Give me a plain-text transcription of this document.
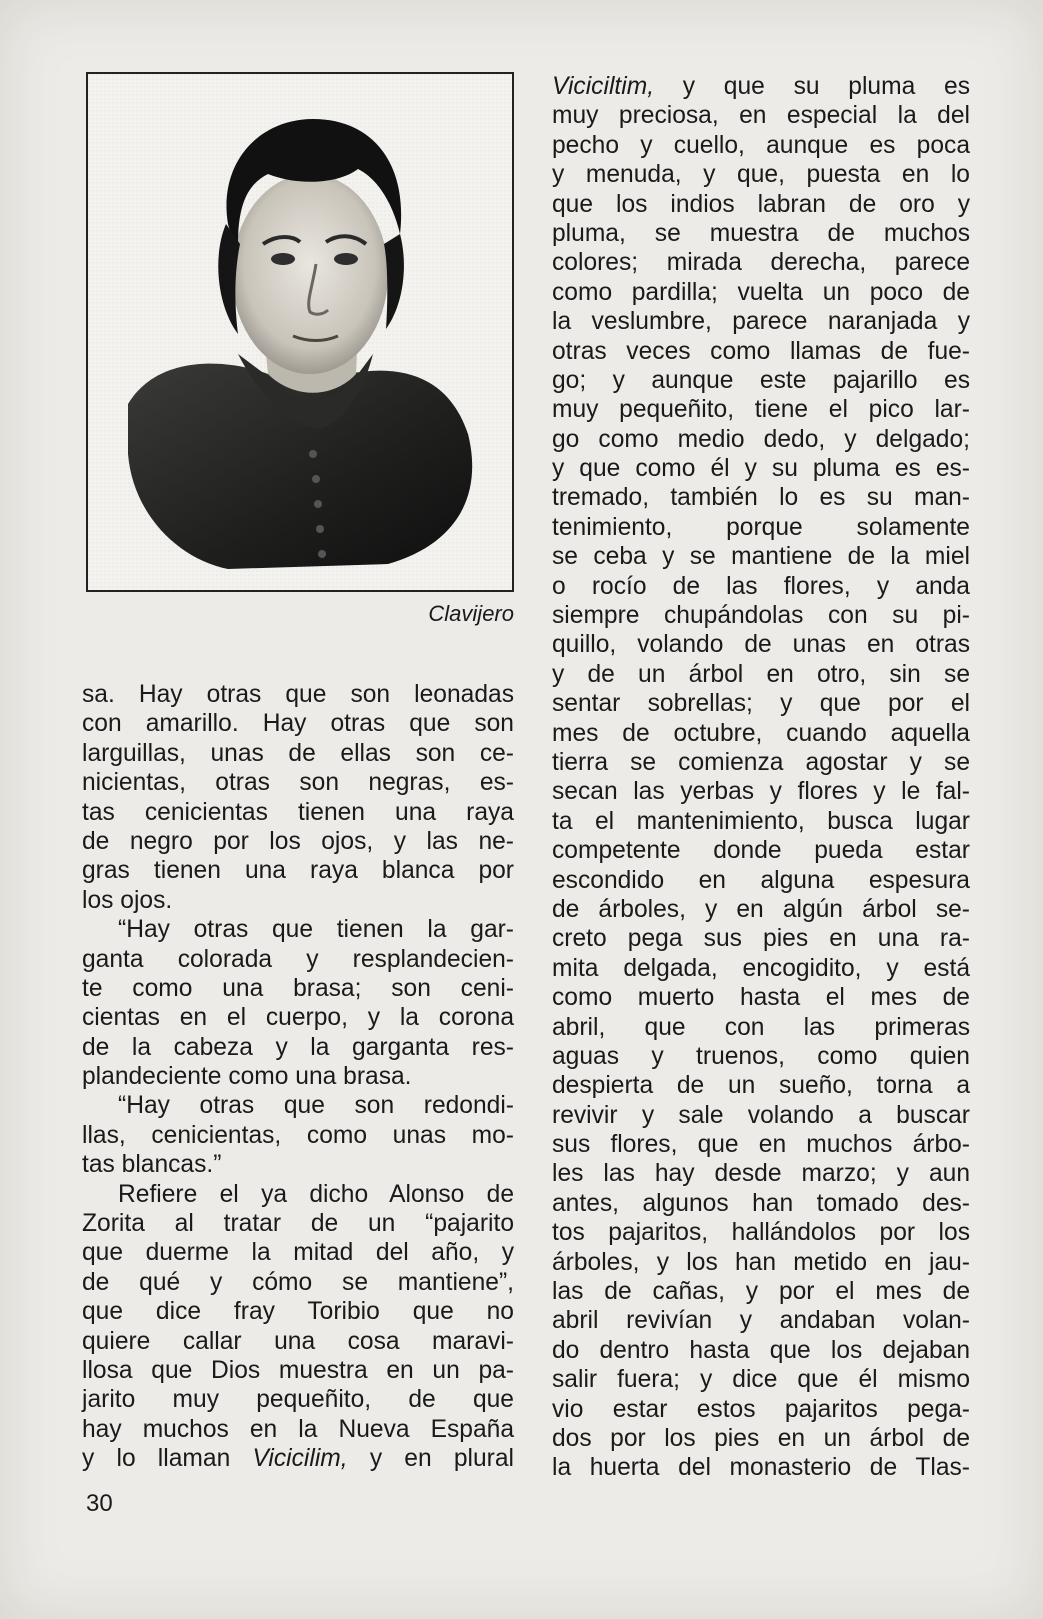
Clavijero
sa. Hay otras que son leonadas
con amarillo. Hay otras que son
larguillas, unas de ellas son ce-
nicientas, otras son negras, es-
tas cenicientas tienen una raya
de negro por los ojos, y las ne-
gras tienen una raya blanca por
los ojos.
“Hay otras que tienen la gar-
ganta colorada y resplandecien-
te como una brasa; son ceni-
cientas en el cuerpo, y la corona
de la cabeza y la garganta res-
plandeciente como una brasa.
“Hay otras que son redondi-
llas, cenicientas, como unas mo-
tas blancas.”
Refiere el ya dicho Alonso de
Zorita al tratar de un “pajarito
que duerme la mitad del año, y
de qué y cómo se mantiene”,
que dice fray Toribio que no
quiere callar una cosa maravi-
llosa que Dios muestra en un pa-
jarito muy pequeñito, de que
hay muchos en la Nueva España
y lo llaman Vicicilim, y en plural
Viciciltim, y que su pluma es
muy preciosa, en especial la del
pecho y cuello, aunque es poca
y menuda, y que, puesta en lo
que los indios labran de oro y
pluma, se muestra de muchos
colores; mirada derecha, parece
como pardilla; vuelta un poco de
la veslumbre, parece naranjada y
otras veces como llamas de fue-
go; y aunque este pajarillo es
muy pequeñito, tiene el pico lar-
go como medio dedo, y delgado;
y que como él y su pluma es es-
tremado, también lo es su man-
tenimiento, porque solamente
se ceba y se mantiene de la miel
o rocío de las flores, y anda
siempre chupándolas con su pi-
quillo, volando de unas en otras
y de un árbol en otro, sin se
sentar sobrellas; y que por el
mes de octubre, cuando aquella
tierra se comienza agostar y se
secan las yerbas y flores y le fal-
ta el mantenimiento, busca lugar
competente donde pueda estar
escondido en alguna espesura
de árboles, y en algún árbol se-
creto pega sus pies en una ra-
mita delgada, encogidito, y está
como muerto hasta el mes de
abril, que con las primeras
aguas y truenos, como quien
despierta de un sueño, torna a
revivir y sale volando a buscar
sus flores, que en muchos árbo-
les las hay desde marzo; y aun
antes, algunos han tomado des-
tos pajaritos, hallándolos por los
árboles, y los han metido en jau-
las de cañas, y por el mes de
abril revivían y andaban volan-
do dentro hasta que los dejaban
salir fuera; y dice que él mismo
vio estar estos pajaritos pega-
dos por los pies en un árbol de
la huerta del monasterio de Tlas-
30
